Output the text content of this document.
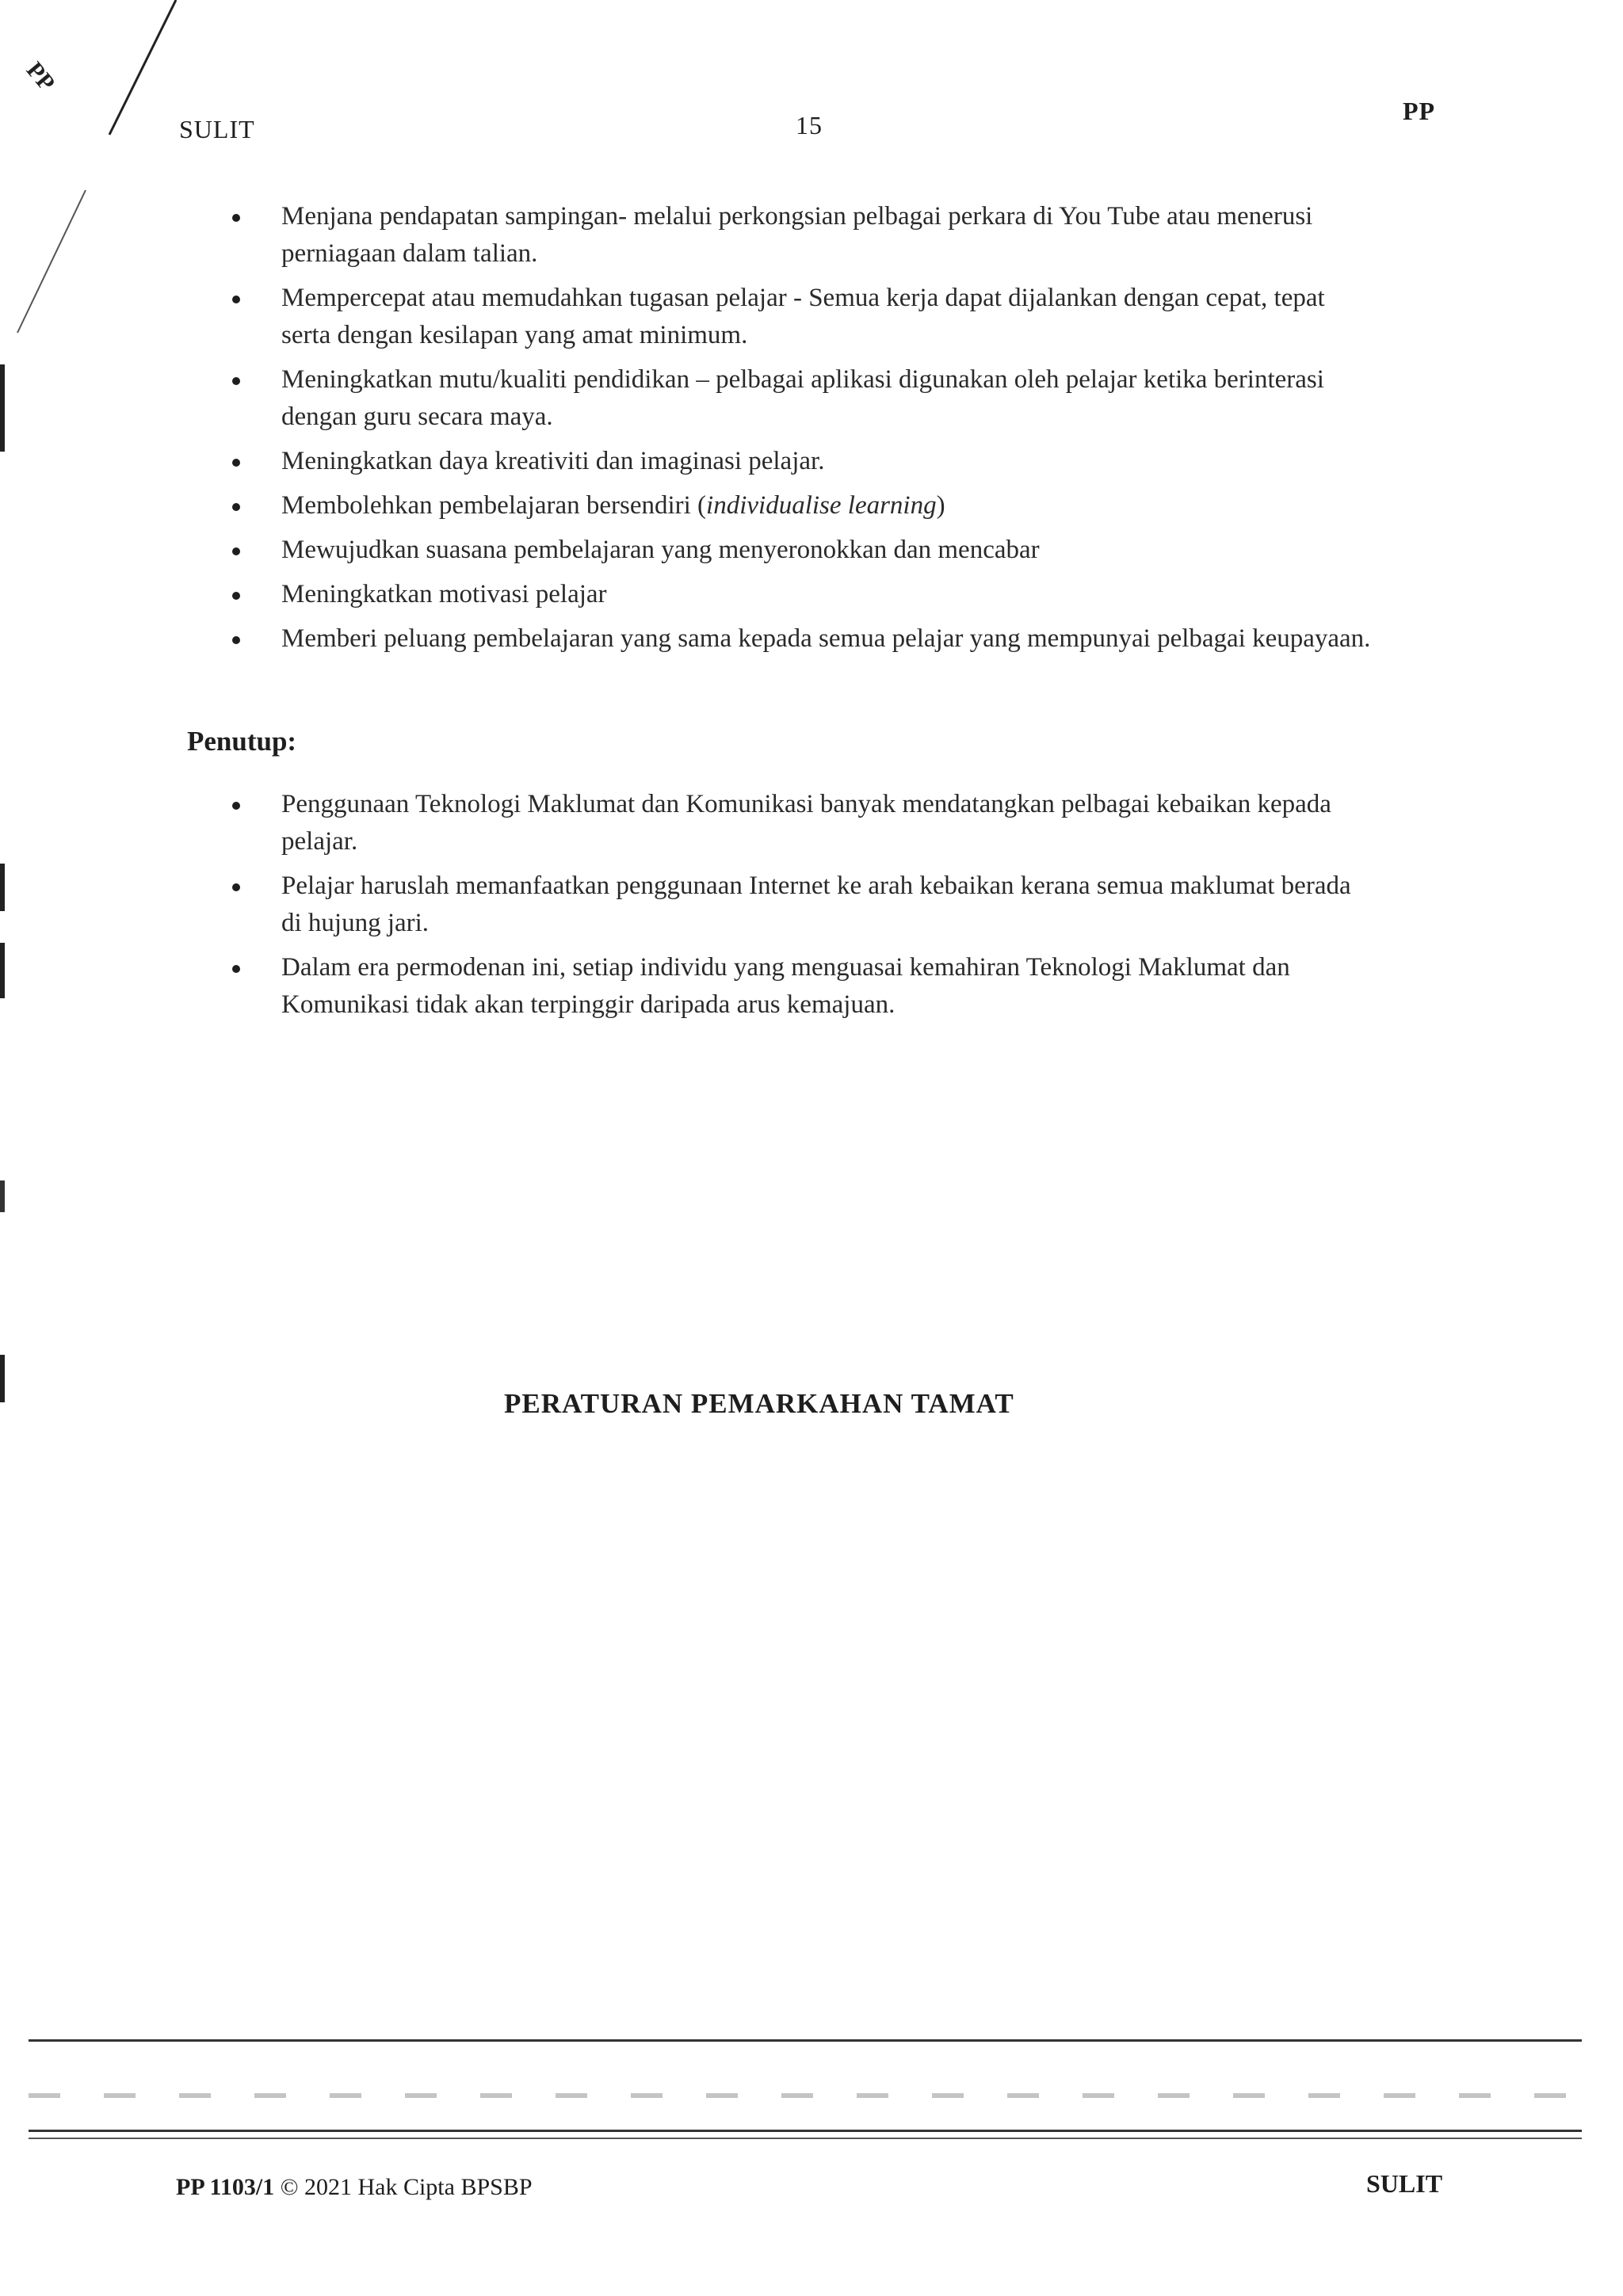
PP
SULIT	15	PP
Menjana pendapatan sampingan- melalui perkongsian pelbagai perkara di You Tube atau menerusi perniagaan dalam talian.
Mempercepat atau memudahkan tugasan pelajar - Semua kerja dapat dijalankan dengan cepat, tepat serta dengan kesilapan yang amat minimum.
Meningkatkan mutu/kualiti pendidikan – pelbagai aplikasi digunakan oleh pelajar ketika berinterasi dengan guru secara maya.
Meningkatkan daya kreativiti dan imaginasi pelajar.
Membolehkan pembelajaran bersendiri (individualise learning)
Mewujudkan suasana pembelajaran yang menyeronokkan dan mencabar
Meningkatkan motivasi pelajar
Memberi peluang pembelajaran yang sama kepada semua pelajar yang mempunyai pelbagai keupayaan.
Penutup:
Penggunaan Teknologi Maklumat dan Komunikasi banyak mendatangkan pelbagai kebaikan kepada pelajar.
Pelajar haruslah memanfaatkan penggunaan Internet ke arah kebaikan kerana semua maklumat berada di hujung jari.
Dalam era permodenan ini, setiap individu yang menguasai kemahiran Teknologi Maklumat dan Komunikasi tidak akan terpinggir daripada arus kemajuan.
PERATURAN PEMARKAHAN TAMAT
PP 1103/1 © 2021 Hak Cipta BPSBP	SULIT
